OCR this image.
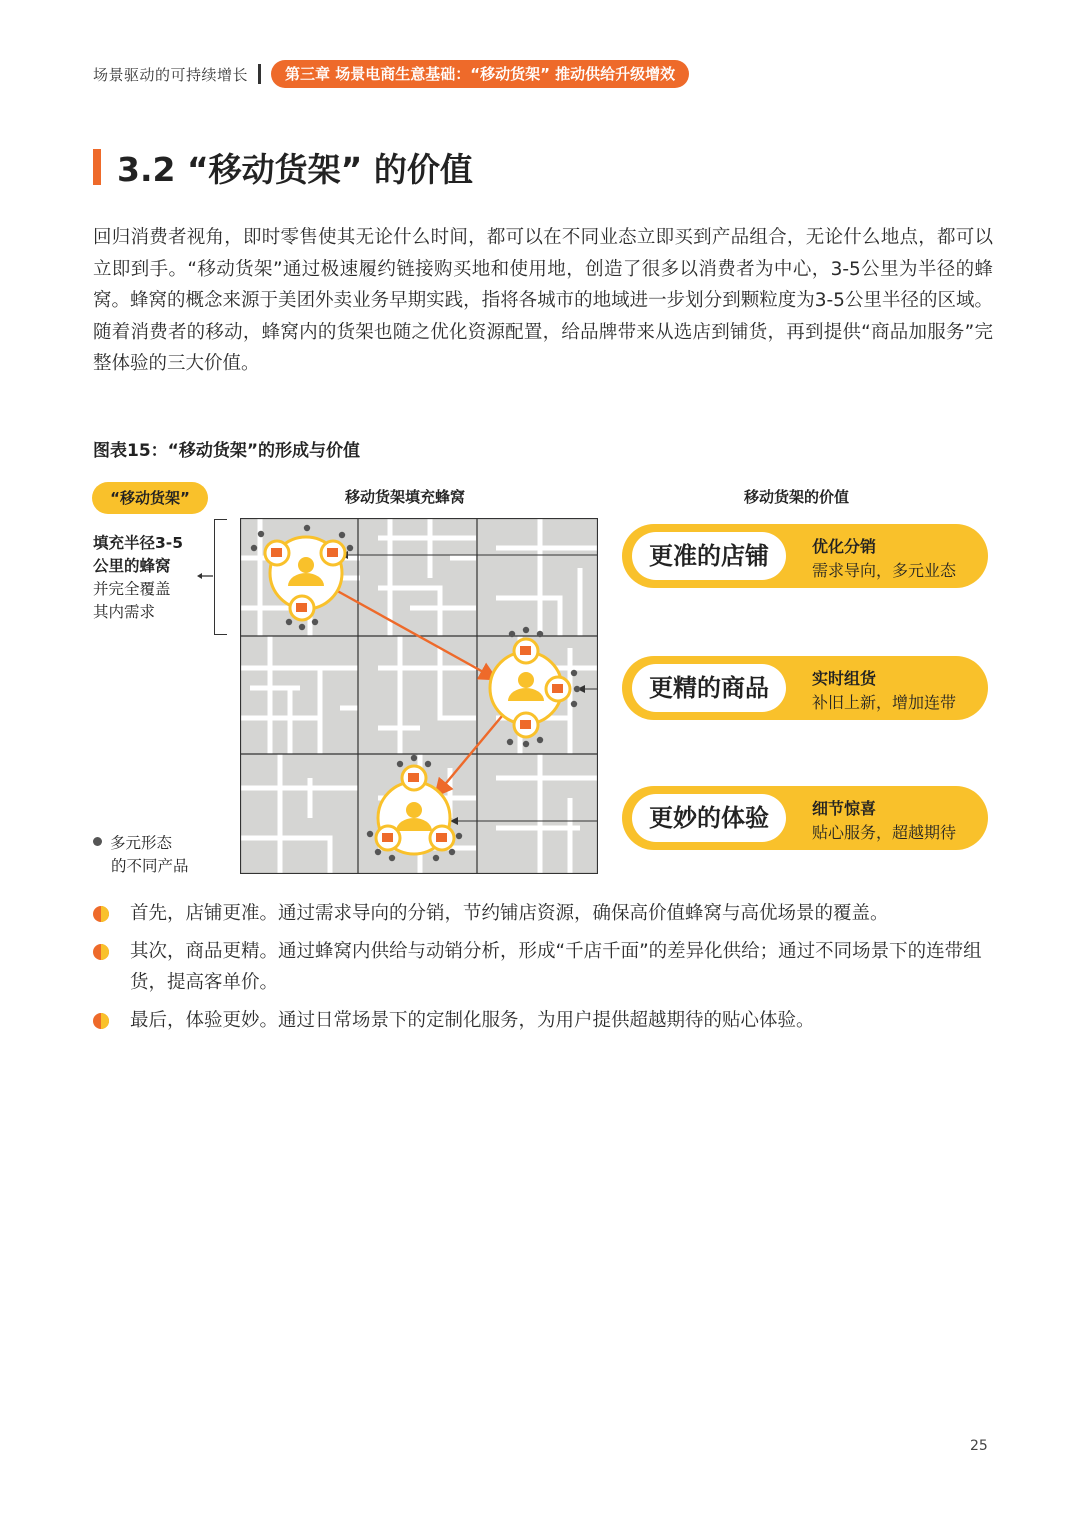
场景驱动的可持续增长	第三章 场景电商生意基础：“移动货架” 推动供给升级增效
3.2 “移动货架” 的价值

回归消费者视角，即时零售使其无论什么时间，都可以在不同业态立即买到产品组合，无论什么地点，都可以立即到手。“移动货架”通过极速履约链接购买地和使用地，创造了很多以消费者为中心，3-5公里为半径的蜂窝。蜂窝的概念来源于美团外卖业务早期实践，指将各城市的地域进一步划分到颗粒度为3-5公里半径的区域。随着消费者的移动，蜂窝内的货架也随之优化资源配置，给品牌带来从选店到铺货，再到提供“商品加服务”完整体验的三大价值。

图表15：“移动货架”的形成与价值
“移动货架”	移动货架填充蜂窝	移动货架的价值
填充半径3-5
公里的蜂窝
并完全覆盖
其内需求
多元形态
的不同产品
更准的店铺	优化分销
需求导向，多元业态
更精的商品	实时组货
补旧上新，增加连带
更妙的体验	细节惊喜
贴心服务，超越期待
首先，店铺更准。通过需求导向的分销，节约铺店资源，确保高价值蜂窝与高优场景的覆盖。
其次，商品更精。通过蜂窝内供给与动销分析，形成“千店千面”的差异化供给；通过不同场景下的连带组货，提高客单价。
最后，体验更妙。通过日常场景下的定制化服务，为用户提供超越期待的贴心体验。
25
